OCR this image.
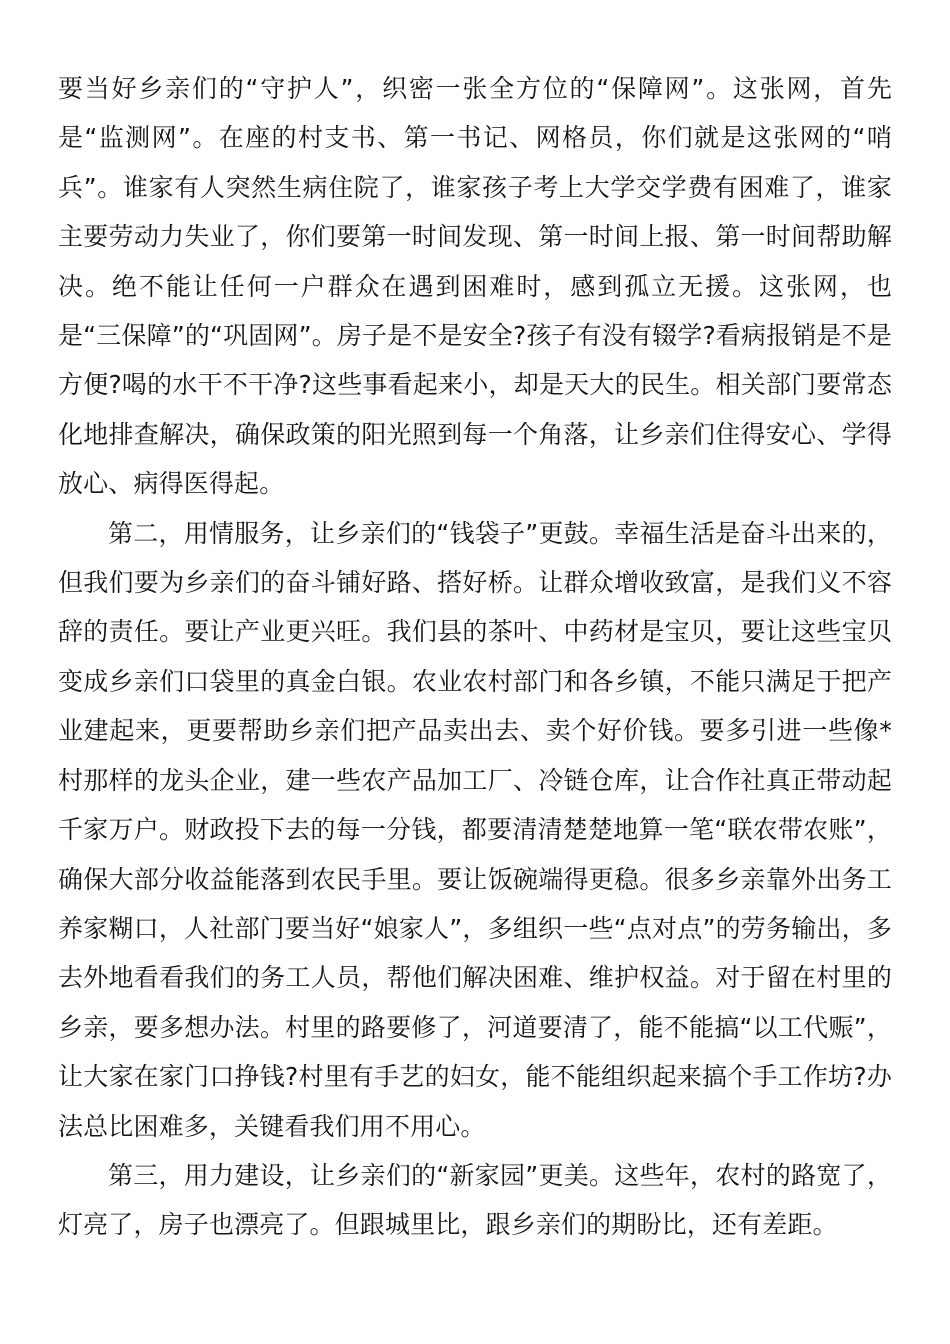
要当好乡亲们的“守护人”，织密一张全方位的“保障网”。这张网，首先是“监测网”。在座的村支书、第一书记、网格员，你们就是这张网的“哨兵”。谁家有人突然生病住院了，谁家孩子考上大学交学费有困难了，谁家主要劳动力失业了，你们要第一时间发现、第一时间上报、第一时间帮助解决。绝不能让任何一户群众在遇到困难时，感到孤立无援。这张网，也是“三保障”的“巩固网”。房子是不是安全?孩子有没有辍学?看病报销是不是方便?喝的水干不干净?这些事看起来小，却是天大的民生。相关部门要常态化地排查解决，确保政策的阳光照到每一个角落，让乡亲们住得安心、学得放心、病得医得起。

第二，用情服务，让乡亲们的“钱袋子”更鼓。幸福生活是奋斗出来的，但我们要为乡亲们的奋斗铺好路、搭好桥。让群众增收致富，是我们义不容辞的责任。要让产业更兴旺。我们县的茶叶、中药材是宝贝，要让这些宝贝变成乡亲们口袋里的真金白银。农业农村部门和各乡镇，不能只满足于把产业建起来，更要帮助乡亲们把产品卖出去、卖个好价钱。要多引进一些像*村那样的龙头企业，建一些农产品加工厂、冷链仓库，让合作社真正带动起千家万户。财政投下去的每一分钱，都要清清楚楚地算一笔“联农带农账”，确保大部分收益能落到农民手里。要让饭碗端得更稳。很多乡亲靠外出务工养家糊口，人社部门要当好“娘家人”，多组织一些“点对点”的劳务输出，多去外地看看我们的务工人员，帮他们解决困难、维护权益。对于留在村里的乡亲，要多想办法。村里的路要修了，河道要清了，能不能搞“以工代赈”，让大家在家门口挣钱?村里有手艺的妇女，能不能组织起来搞个手工作坊?办法总比困难多，关键看我们用不用心。

第三，用力建设，让乡亲们的“新家园”更美。这些年，农村的路宽了，灯亮了，房子也漂亮了。但跟城里比，跟乡亲们的期盼比，还有差距。
